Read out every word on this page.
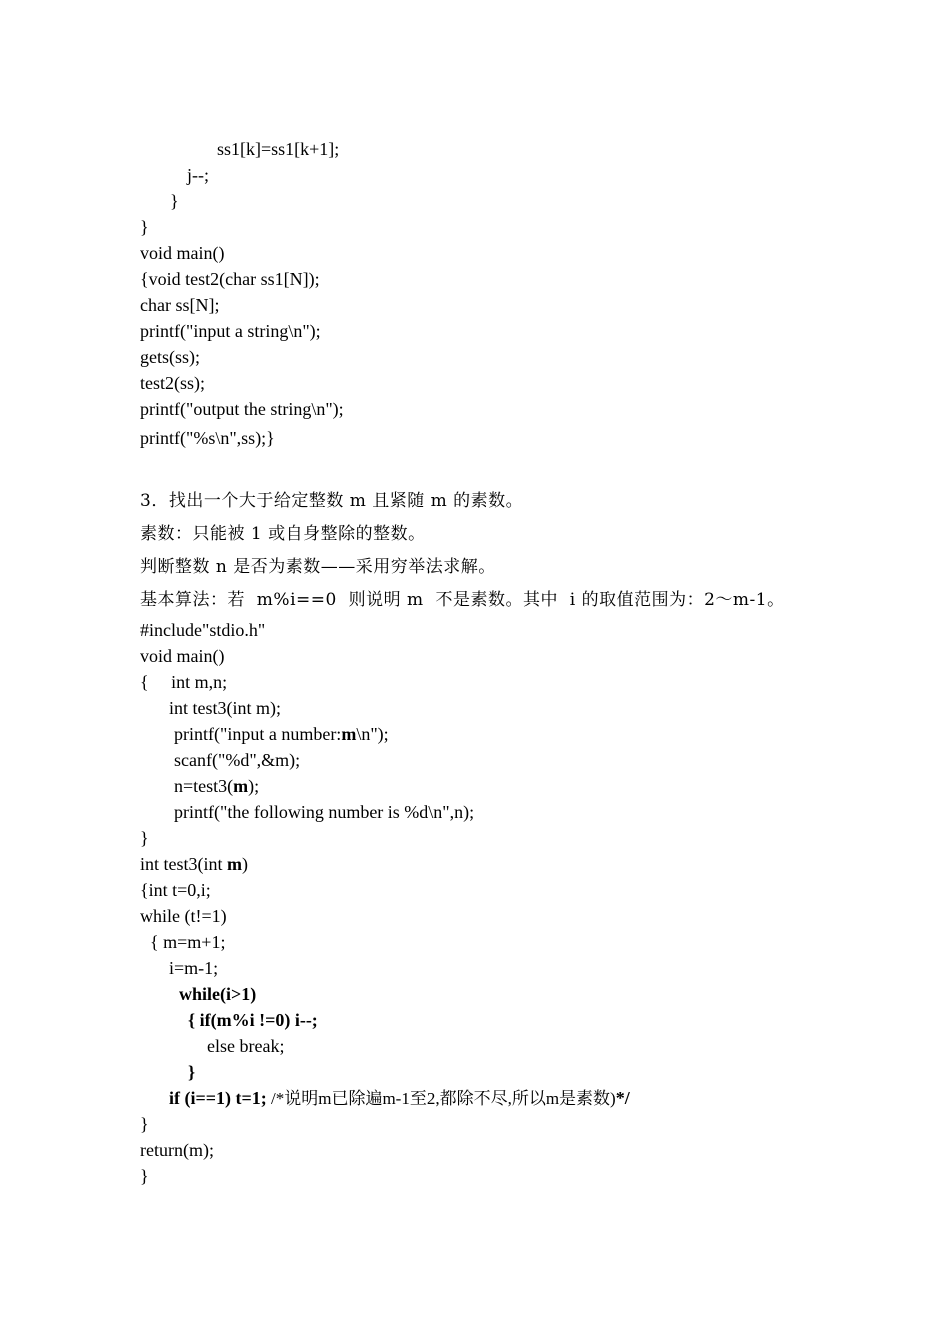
ss1[k]=ss1[k+1];
j--;
}
}
void main()
{void test2(char ss1[N]);
char ss[N];
printf("input a string\n");
gets(ss);
test2(ss);
printf("output the string\n");
printf("%s\n",ss);}
3．找出一个大于给定整数 m 且紧随 m 的素数。
素数：只能被 1 或自身整除的整数。
判断整数 n 是否为素数——采用穷举法求解。
基本算法：若  m%i==0  则说明 m  不是素数。其中  i 的取值范围为：2～m-1。
#include"stdio.h"
void main()
{     int m,n;
int test3(int m);
printf("input a number:m\n");
scanf("%d",&m);
n=test3(m);
printf("the following number is %d\n",n);
}
int test3(int m)
{int t=0,i;
while (t!=1)
{ m=m+1;
i=m-1;
while(i>1)
{ if(m%i !=0) i--;
else break;
}
if (i==1) t=1; /*说明m已除遍m-1至2,都除不尽,所以m是素数)*/
}
return(m);
}
